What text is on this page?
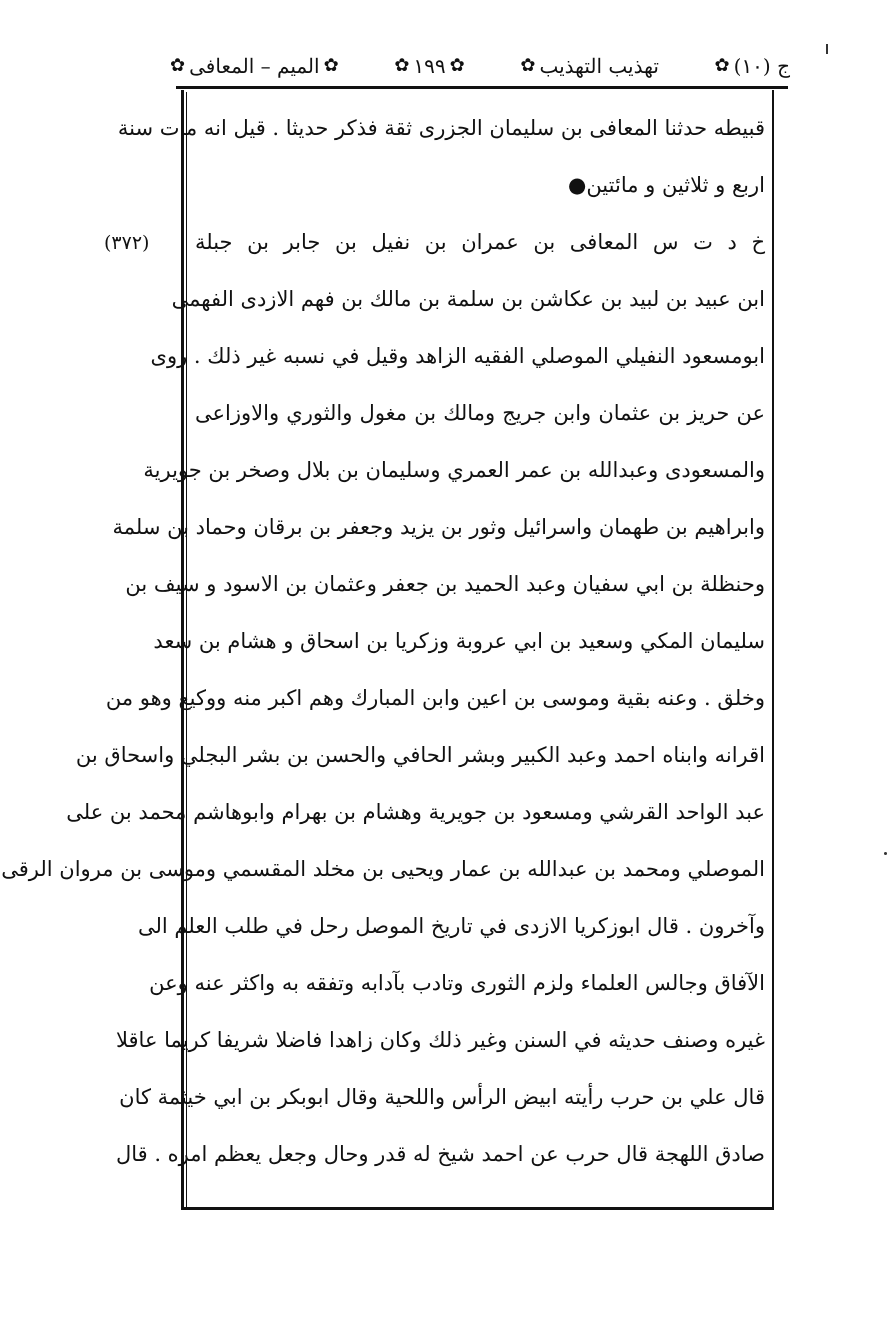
ج (١٠)
✿
تهذيب التهذيب
✿
✿
١٩٩
✿
✿
الميم – المعافى
✿
(٣٧٢)
قبيطه حدثنا المعافى بن سليمان الجزرى ثقة فذكر حديثا . قيل انه مات سنة
اربع و ثلاثين و مائتين●
خ د ت س المعافى بن عمران بن نفيل بن جابر بن جبلة
ابن عبيد بن لبيد بن عكاشن بن سلمة بن مالك بن فهم الازدى الفهمى
ابومسعود النفيلي الموصلي الفقيه الزاهد وقيل في نسبه غير ذلك . روى
عن حريز بن عثمان وابن جريج ومالك بن مغول والثوري والاوزاعى
والمسعودى وعبدالله بن عمر العمري وسليمان بن بلال وصخر بن جويرية
وابراهيم بن طهمان واسرائيل وثور بن يزيد وجعفر بن برقان وحماد بن سلمة
وحنظلة بن ابي سفيان وعبد الحميد بن جعفر وعثمان بن الاسود و سيف بن
سليمان المكي وسعيد بن ابي عروبة وزكريا بن اسحاق و هشام بن سعد
وخلق . وعنه بقية وموسى بن اعين وابن المبارك وهم اكبر منه ووكيع وهو من
اقرانه وابناه احمد وعبد الكبير وبشر الحافي والحسن بن بشر البجلي واسحاق بن
عبد الواحد القرشي ومسعود بن جويرية وهشام بن بهرام وابوهاشم محمد بن على
الموصلي ومحمد بن عبدالله بن عمار ويحيى بن مخلد المقسمي وموسى بن مروان الرقى
وآخرون . قال ابوزكريا الازدى في تاريخ الموصل رحل في طلب العلم الى
الآفاق وجالس العلماء ولزم الثورى وتادب بآدابه وتفقه به واكثر عنه وعن
غيره وصنف حديثه في السنن وغير ذلك وكان زاهدا فاضلا شريفا كريما عاقلا
قال علي بن حرب رأيته ابيض الرأس واللحية وقال ابوبكر بن ابي خيثمة كان
صادق اللهجة قال حرب عن احمد شيخ له قدر وحال وجعل يعظم امره . قال
